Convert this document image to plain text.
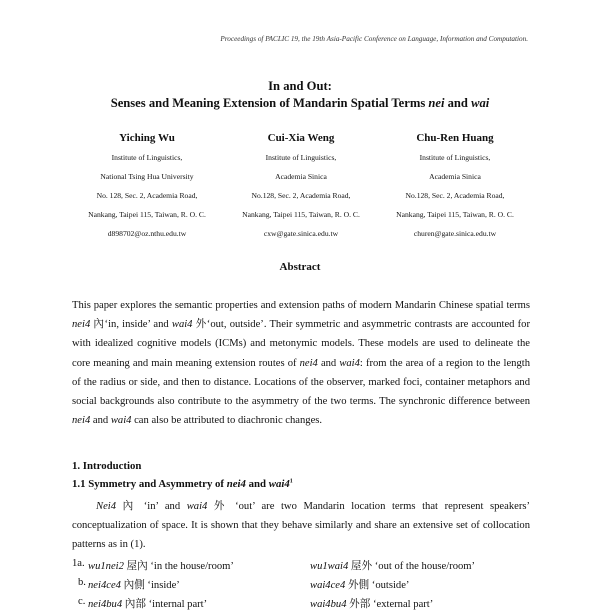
Proceedings of PACLIC 19, the 19th Asia-Pacific Conference on Language, Information and Computation.
In and Out:
Senses and Meaning Extension of Mandarin Spatial Terms nei and wai
Yiching Wu
Institute of Linguistics,
National Tsing Hua University
No. 128, Sec. 2, Academia Road,
Nankang, Taipei 115, Taiwan, R. O. C.
d898702@oz.nthu.edu.tw
Cui-Xia Weng
Institute of Linguistics,
Academia Sinica
No.128, Sec. 2, Academia Road,
Nankang, Taipei 115, Taiwan, R. O. C.
cxw@gate.sinica.edu.tw
Chu-Ren Huang
Institute of Linguistics,
Academia Sinica
No.128, Sec. 2, Academia Road,
Nankang, Taipei 115, Taiwan, R. O. C.
churen@gate.sinica.edu.tw
Abstract
This paper explores the semantic properties and extension paths of modern Mandarin Chinese spatial terms nei4 內‘in, inside’ and wai4 外‘out, outside’. Their symmetric and asymmetric contrasts are accounted for with idealized cognitive models (ICMs) and metonymic models. These models are used to delineate the core meaning and main meaning extension routes of nei4 and wai4: from the area of a region to the length of the radius or side, and then to distance. Locations of the observer, marked foci, container metaphors and social backgrounds also contribute to the asymmetry of the two terms. The synchronic difference between nei4 and wai4 can also be attributed to diachronic changes.
1. Introduction
1.1 Symmetry and Asymmetry of nei4 and $wai4^1$
Nei4 內 ‘in’ and wai4 外 ‘out’ are two Mandarin location terms that represent speakers’ conceptualization of space. It is shown that they behave similarly and share an extensive set of collocation patterns as in (1).
1a. wu1nei2 屋內 ‘in the house/room’	wu1wai4 屋外 ‘out of the house/room’
b. nei4ce4 內側 ‘inside’	wai4ce4 外側 ‘outside’
c. nei4bu4 內部 ‘internal part’	wai4bu4 外部 ‘external part’
